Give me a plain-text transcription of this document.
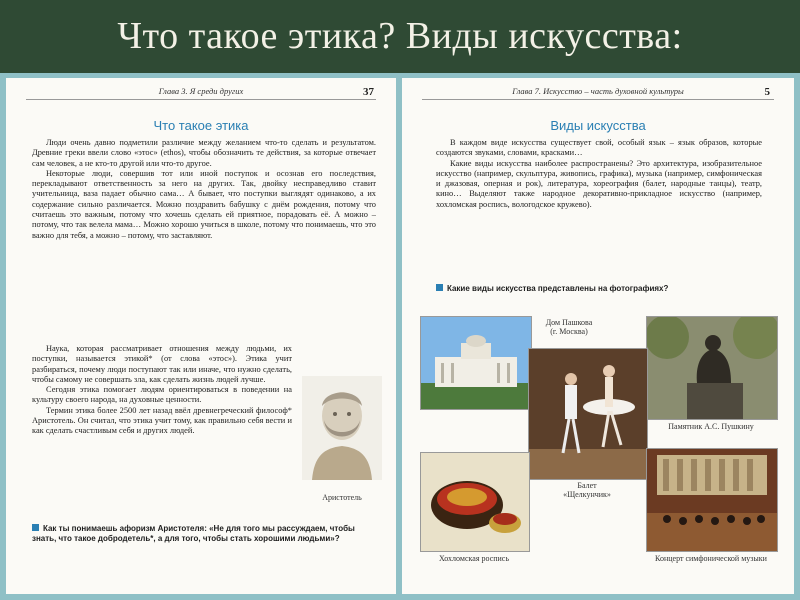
Что такое этика? Виды искусства:
Глава 3. Я среди других	37
Что такое этика

Люди очень давно подметили различие между желанием что-то сделать и результатом. Древние греки ввели слово «этос» (ethos), чтобы обозначить те действия, за которые отвечает сам человек, а не кто-то другой или что-то другое.

Некоторые люди, совершив тот или иной поступок и осознав его последствия, перекладывают ответственность за него на других. Так, двойку несправедливо ставит учительница, ваза падает обычно сама… А бывает, что поступки выглядят одинаково, а их содержание сильно различается. Можно поздравить бабушку с днём рождения, потому что считаешь это важным, потому что хочешь сделать ей приятное, порадовать её. А можно – потому, что так велела мама… Можно хорошо учиться в школе, потому что понимаешь, что это важно для тебя, а можно – потому, что заставляют.

Наука, которая рассматривает отношения между людьми, их поступки, называется этикой* (от слова «этос»). Этика учит разбираться, почему люди поступают так или иначе, что нужно сделать, чтобы самому не совершать зла, как сделать жизнь людей лучше.

Сегодня этика помогает людям ориентироваться в поведении на культуру своего народа, на духовные ценности.

Термин этика более 2500 лет назад ввёл древнегреческий философ* Аристотель. Он считал, что этика учит тому, как правильно себя вести и как сделать счастливым себя и других людей.

Аристотель
Как ты понимаешь афоризм Аристотеля: «Не для того мы рассуждаем, чтобы знать, что такое добродетель*, а для того, чтобы стать хорошими людьми»?
Глава 7. Искусство – часть духовной культуры	5
Виды искусства

В каждом виде искусства существует свой, особый язык – язык образов, которые создаются звуками, словами, красками…

Какие виды искусства наиболее распространены? Это архитектура, изобразительное искусство (например, скульптура, живопись, графика), музыка (например, симфоническая и джазовая, оперная и рок), литература, хореография (балет, народные танцы), театр, кино… Выделяют также народное декоративно-прикладное искусство (например, хохломская роспись, вологодское кружево).

Какие виды искусства представлены на фотографиях?
Дом Пашкова
(г. Москва)
Памятник А.С. Пушкину
Балет
«Щелкунчик»
Хохломская роспись	Концерт симфонической музыки
